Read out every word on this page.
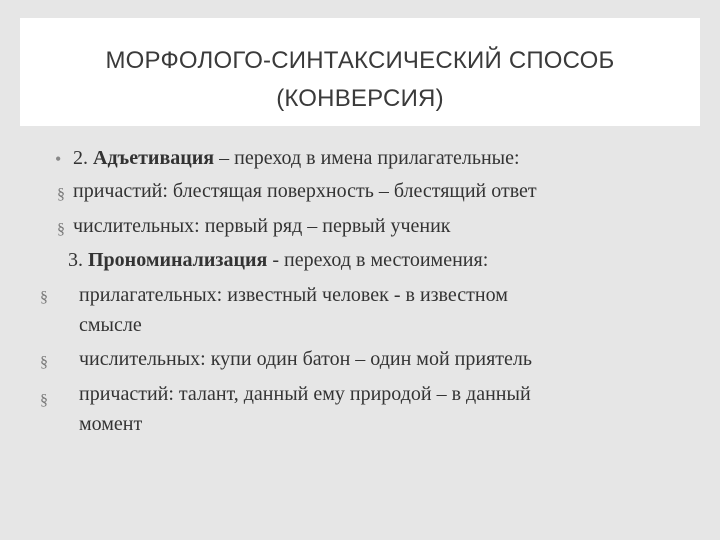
МОРФОЛОГО-СИНТАКСИЧЕСКИЙ СПОСОБ
(КОНВЕРСИЯ)
• 2. Адъетивация – переход в имена прилагательные:
§ причастий: блестящая поверхность – блестящий ответ
§ числительных: первый ряд – первый ученик
3. Прономинализация - переход в местоимения:
§ прилагательных: известный человек - в известном
смысле
§ числительных: купи один батон – один мой приятель
§ причастий: талант, данный ему природой – в данный
момент
